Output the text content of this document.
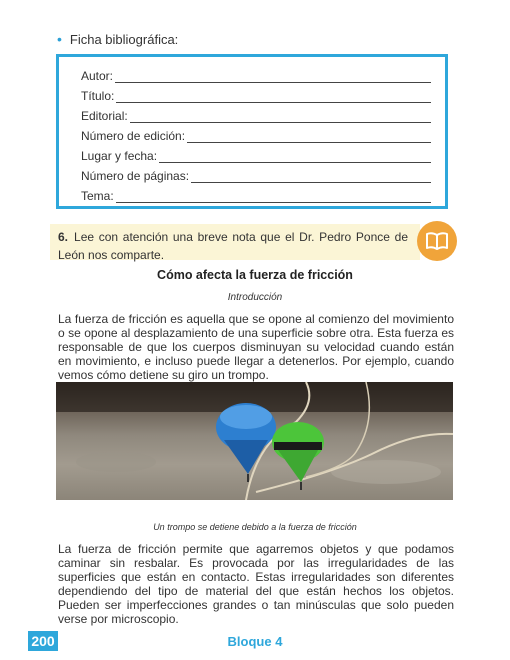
• Ficha bibliográfica:
Autor:
Título:
Editorial:
Número de edición:
Lugar y fecha:
Número de páginas:
Tema:
6. Lee con atención una breve nota que el Dr. Pedro Ponce de León nos comparte.
Cómo afecta la fuerza de fricción
Introducción
La fuerza de fricción es aquella que se opone al comienzo del movimiento o se opone al desplazamiento de una superficie sobre otra. Esta fuerza es responsable de que los cuerpos disminuyan su velocidad cuando están en movimiento, e incluso puede llegar a detenerlos. Por ejemplo, cuando vemos cómo detiene su giro un trompo.
Un trompo se detiene debido a la fuerza de fricción
La fuerza de fricción permite que agarremos objetos y que podamos caminar sin resbalar. Es provocada por las irregularidades de las superficies que están en contacto. Estas irregularidades son diferentes dependiendo del tipo de material del que están hechos los objetos. Pueden ser imperfecciones grandes o tan minúsculas que solo pueden verse por microscopio.
200	Bloque 4
